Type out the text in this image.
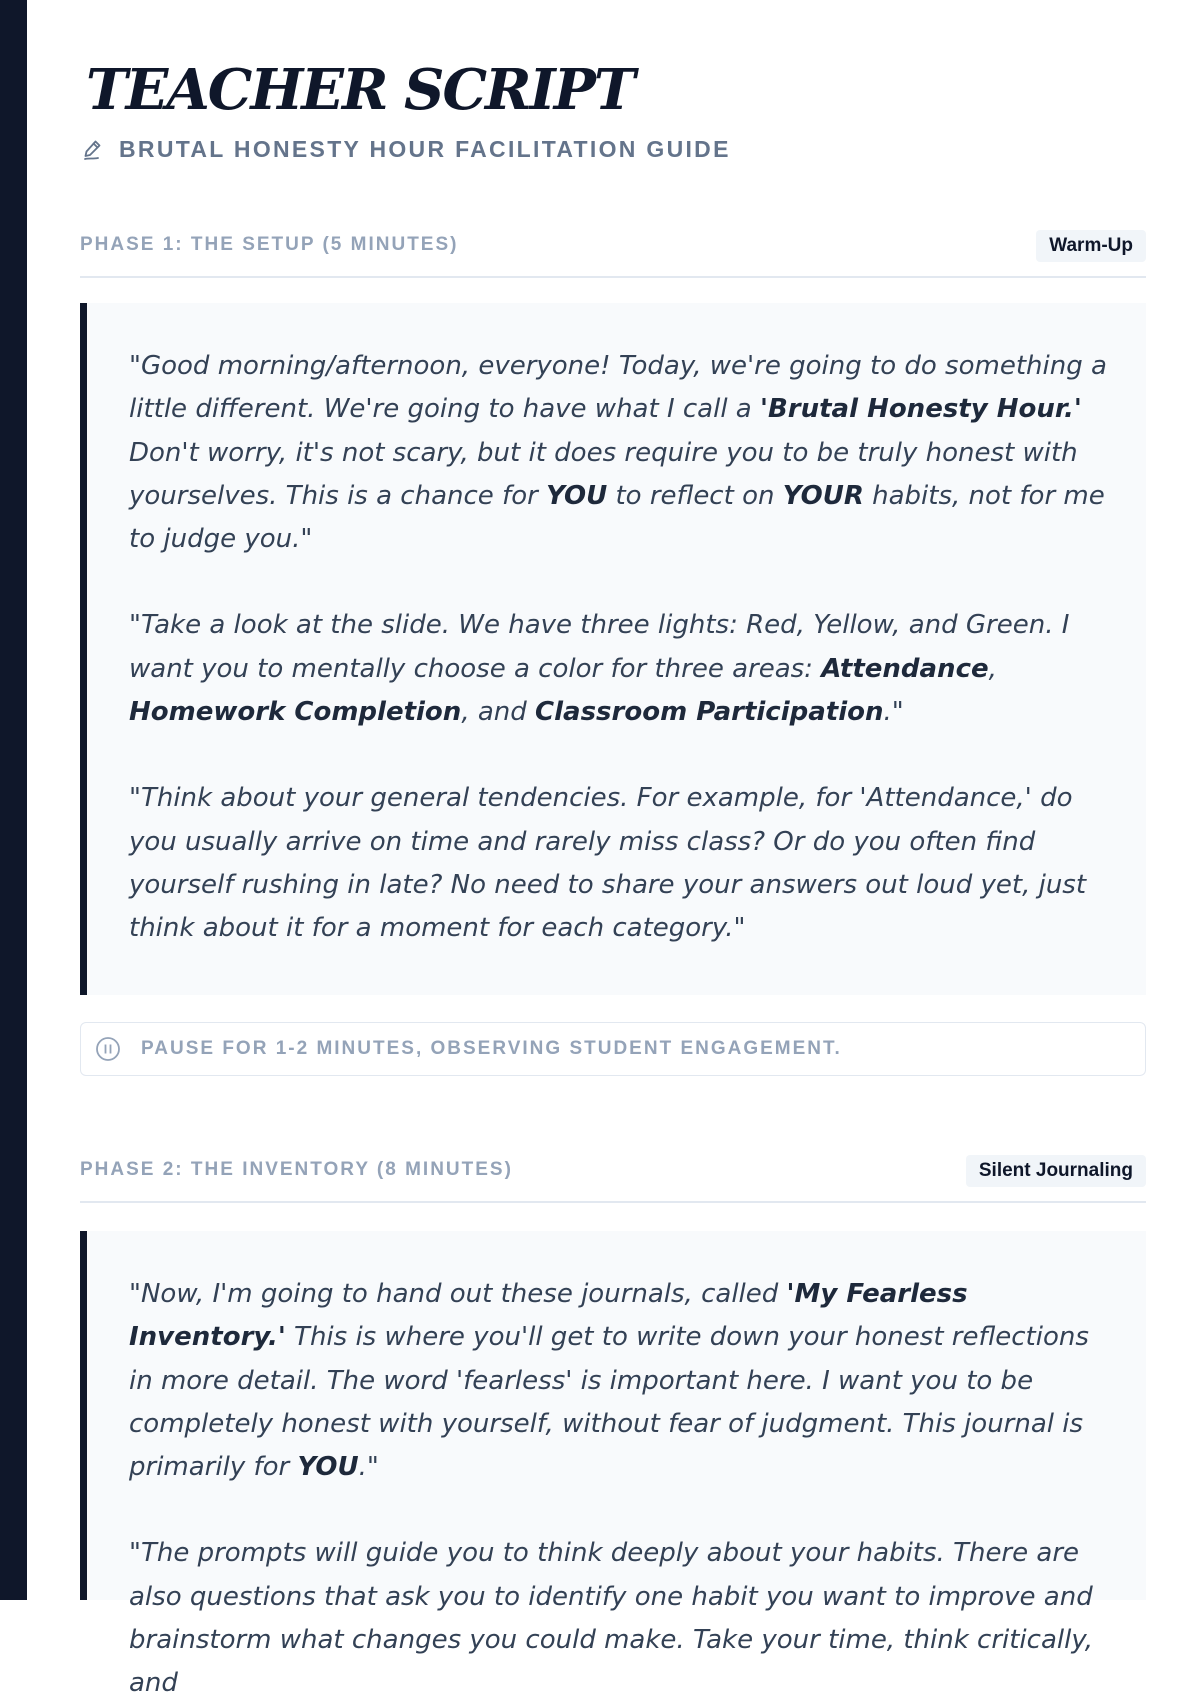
TEACHER SCRIPT
BRUTAL HONESTY HOUR FACILITATION GUIDE
PHASE 1: THE SETUP (5 MINUTES)	Warm-Up

"Good morning/afternoon, everyone! Today, we're going to do something a little different. We're going to have what I call a 'Brutal Honesty Hour.' Don't worry, it's not scary, but it does require you to be truly honest with yourselves. This is a chance for YOU to reflect on YOUR habits, not for me to judge you."

"Take a look at the slide. We have three lights: Red, Yellow, and Green. I want you to mentally choose a color for three areas: Attendance, Homework Completion, and Classroom Participation."

"Think about your general tendencies. For example, for 'Attendance,' do you usually arrive on time and rarely miss class? Or do you often find yourself rushing in late? No need to share your answers out loud yet, just think about it for a moment for each category."

PAUSE FOR 1-2 MINUTES, OBSERVING STUDENT ENGAGEMENT.
PHASE 2: THE INVENTORY (8 MINUTES)	Silent Journaling

"Now, I'm going to hand out these journals, called 'My Fearless Inventory.' This is where you'll get to write down your honest reflections in more detail. The word 'fearless' is important here. I want you to be completely honest with yourself, without fear of judgment. This journal is primarily for YOU."

"The prompts will guide you to think deeply about your habits. There are also questions that ask you to identify one habit you want to improve and brainstorm what changes you could make. Take your time, think critically, and
